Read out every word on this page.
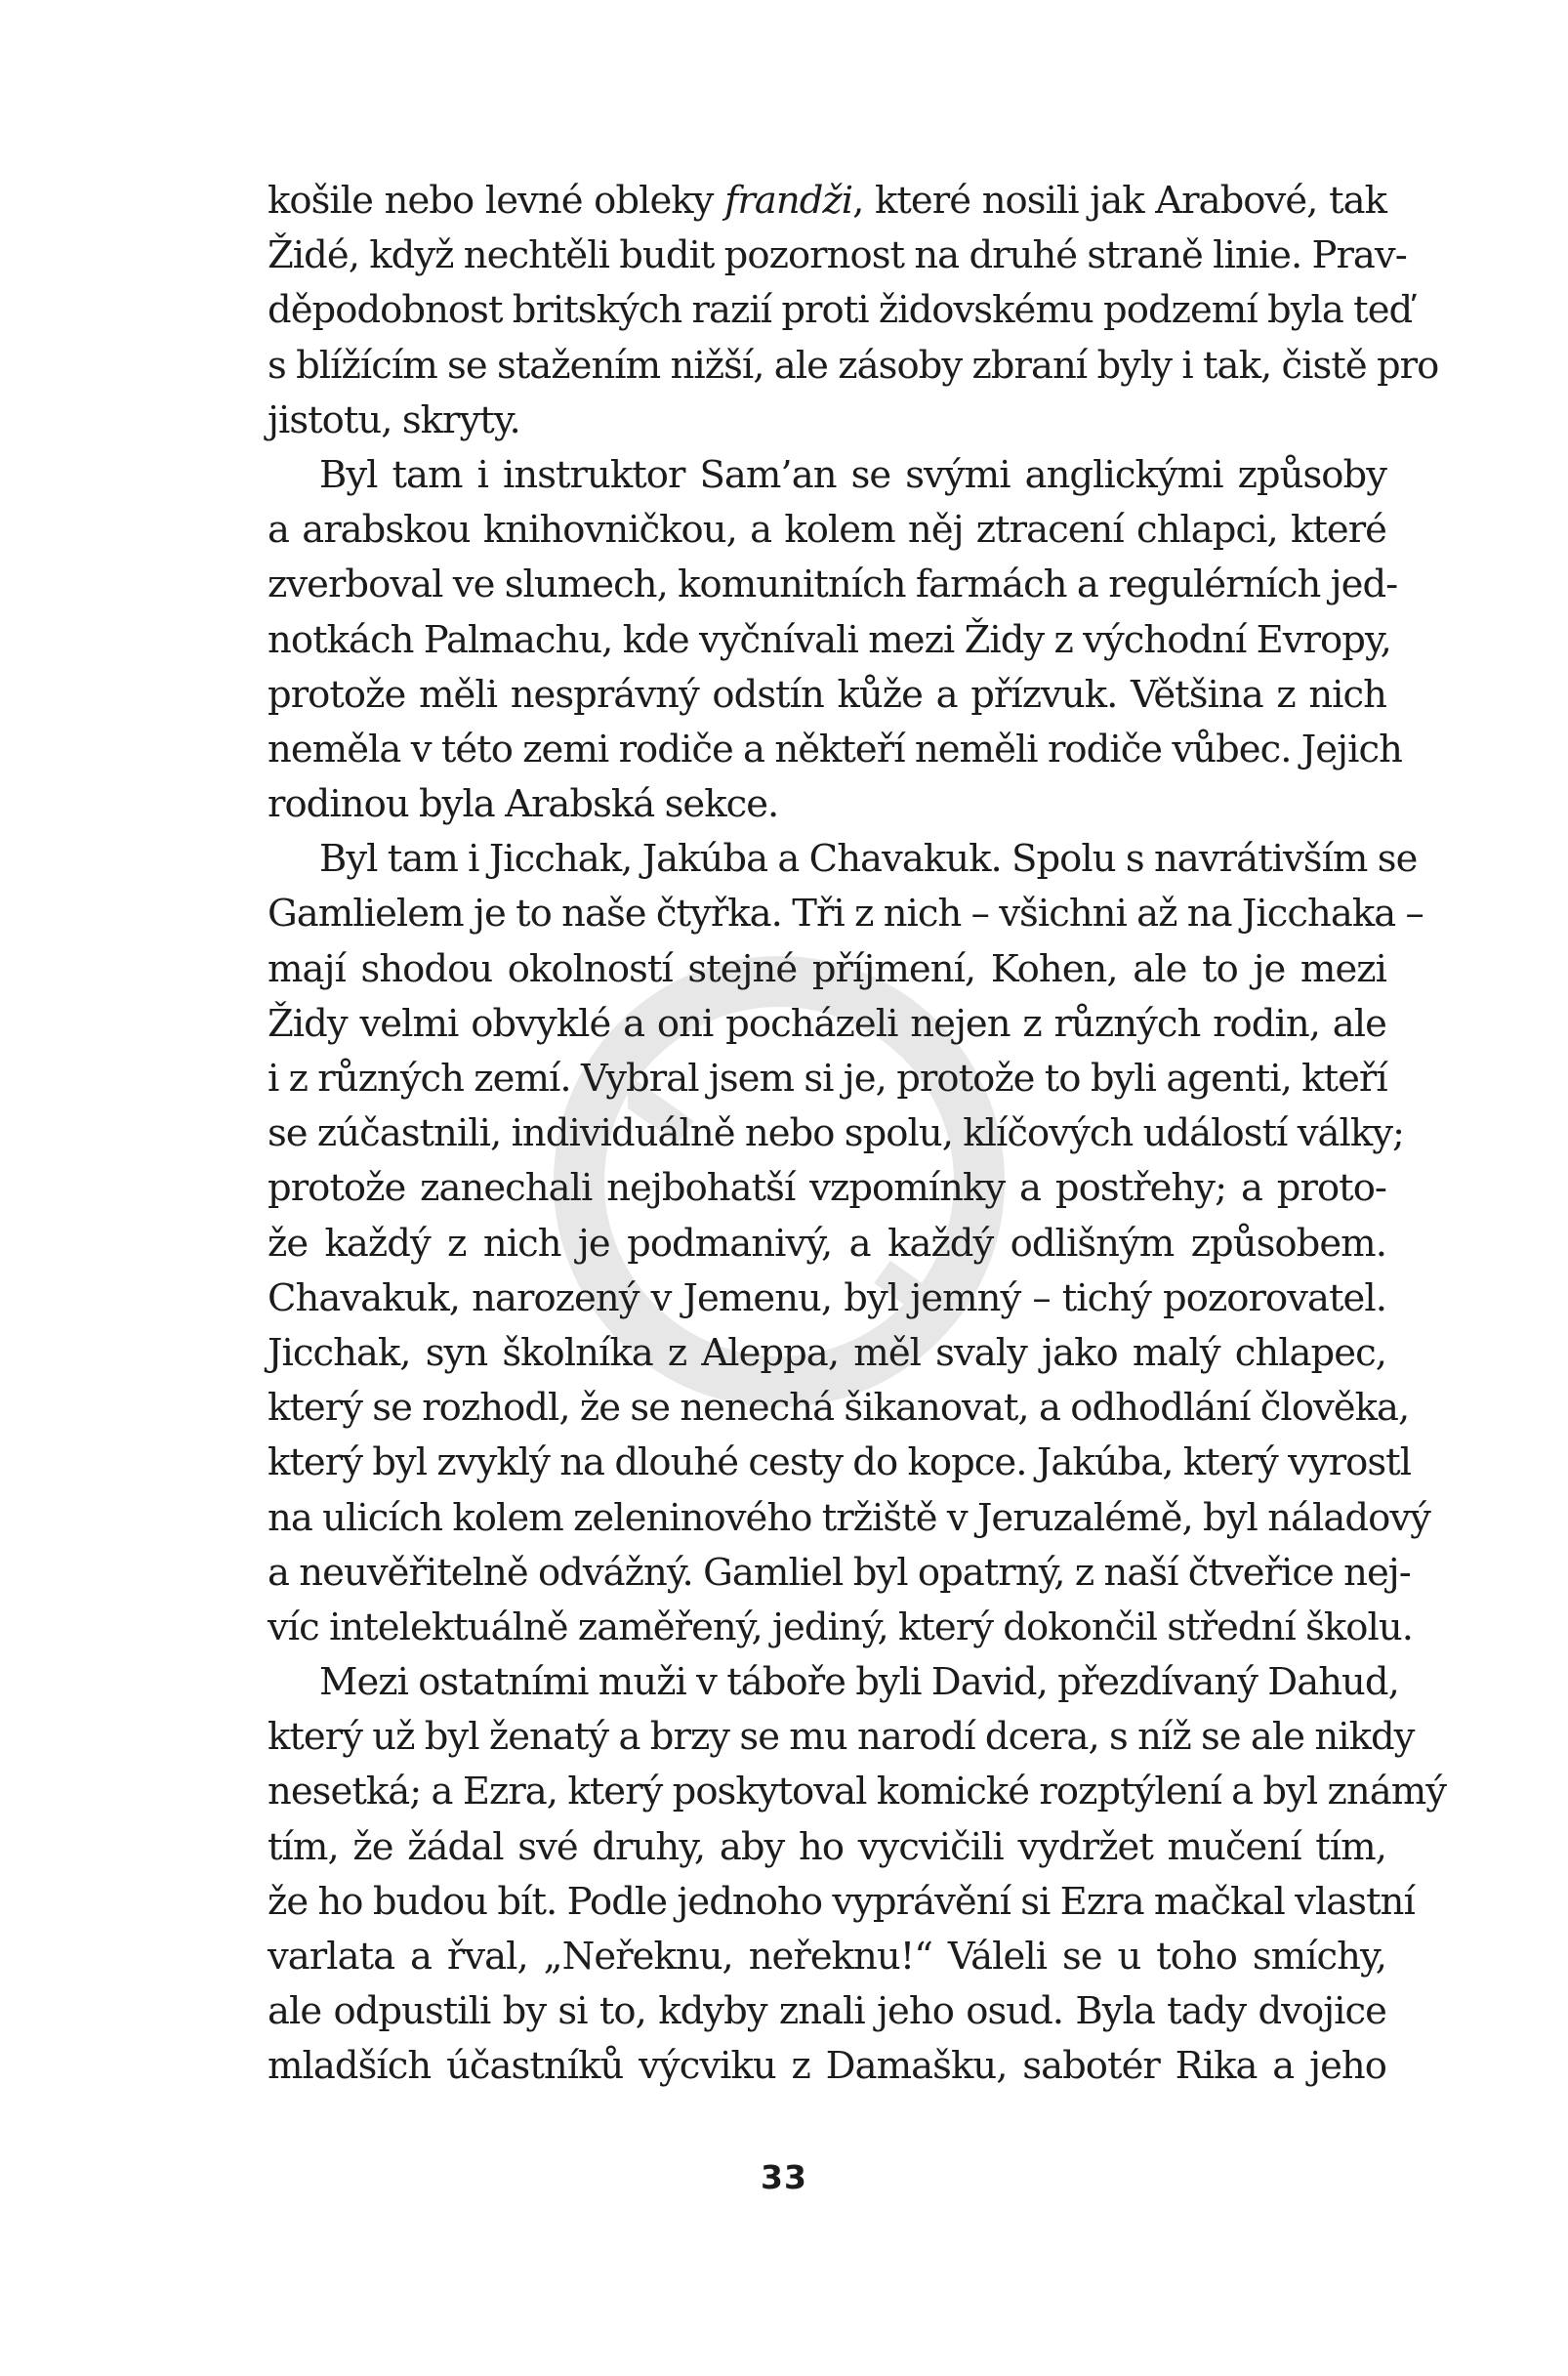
košile nebo levné obleky frandži, které nosili jak Arabové, tak
Židé, když nechtěli budit pozornost na druhé straně linie. Prav-
děpodobnost britských razií proti židovskému podzemí byla teď
s blížícím se stažením nižší, ale zásoby zbraní byly i tak, čistě pro
jistotu, skryty.
Byl tam i instruktor Sam’an se svými anglickými způsoby
a arabskou knihovničkou, a kolem něj ztracení chlapci, které
zverboval ve slumech, komunitních farmách a regulérních jed-
notkách Palmachu, kde vyčnívali mezi Židy z východní Evropy,
protože měli nesprávný odstín kůže a přízvuk. Většina z nich
neměla v této zemi rodiče a někteří neměli rodiče vůbec. Jejich
rodinou byla Arabská sekce.
Byl tam i Jicchak, Jakúba a Chavakuk. Spolu s navrátivším se
Gamlielem je to naše čtyřka. Tři z nich – všichni až na Jicchaka –
mají shodou okolností stejné příjmení, Kohen, ale to je mezi
Židy velmi obvyklé a oni pocházeli nejen z různých rodin, ale
i z různých zemí. Vybral jsem si je, protože to byli agenti, kteří
se zúčastnili, individuálně nebo spolu, klíčových událostí války;
protože zanechali nejbohatší vzpomínky a postřehy; a proto-
že každý z nich je podmanivý, a každý odlišným způsobem.
Chavakuk, narozený v Jemenu, byl jemný – tichý pozorovatel.
Jicchak, syn školníka z Aleppa, měl svaly jako malý chlapec,
který se rozhodl, že se nenechá šikanovat, a odhodlání člověka,
který byl zvyklý na dlouhé cesty do kopce. Jakúba, který vyrostl
na ulicích kolem zeleninového tržiště v Jeruzalémě, byl náladový
a neuvěřitelně odvážný. Gamliel byl opatrný, z naší čtveřice nej-
víc intelektuálně zaměřený, jediný, který dokončil střední školu.
Mezi ostatními muži v táboře byli David, přezdívaný Dahud,
který už byl ženatý a brzy se mu narodí dcera, s níž se ale nikdy
nesetká; a Ezra, který poskytoval komické rozptýlení a byl známý
tím, že žádal své druhy, aby ho vycvičili vydržet mučení tím,
že ho budou bít. Podle jednoho vyprávění si Ezra mačkal vlastní
varlata a řval, „Neřeknu, neřeknu!“ Váleli se u toho smíchy,
ale odpustili by si to, kdyby znali jeho osud. Byla tady dvojice
mladších účastníků výcviku z Damašku, sabotér Rika a jeho
33
